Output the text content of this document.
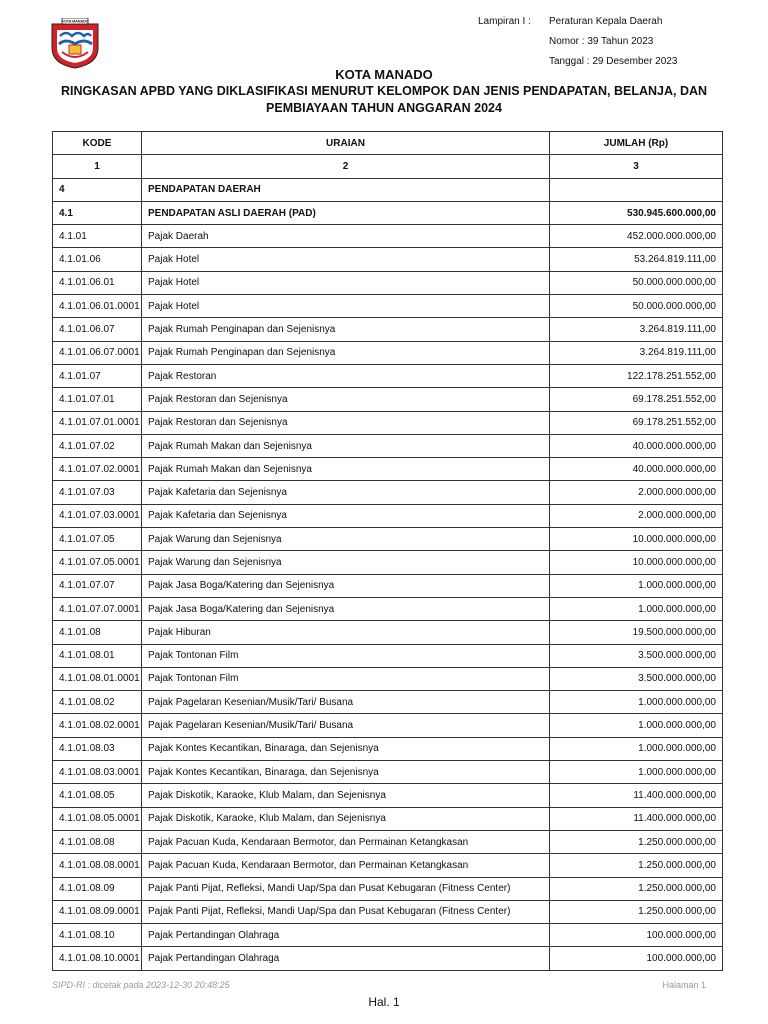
KOTA MANADO	Lampiran I :	Peraturan Kepala Daerah
Nomor : 39 Tahun 2023
Tanggal : 29 Desember 2023
KOTA MANADO
RINGKASAN APBD YANG DIKLASIFIKASI MENURUT KELOMPOK DAN JENIS PENDAPATAN, BELANJA, DAN
PEMBIAYAAN TAHUN ANGGARAN 2024
KODE	URAIAN	JUMLAH (Rp)
1	2	3
4	PENDAPATAN DAERAH	
4.1	PENDAPATAN ASLI DAERAH (PAD)	530.945.600.000,00
4.1.01	Pajak Daerah	452.000.000.000,00
4.1.01.06	Pajak Hotel	53.264.819.111,00
4.1.01.06.01	Pajak Hotel	50.000.000.000,00
4.1.01.06.01.0001	Pajak Hotel	50.000.000.000,00
4.1.01.06.07	Pajak Rumah Penginapan dan Sejenisnya	3.264.819.111,00
4.1.01.06.07.0001	Pajak Rumah Penginapan dan Sejenisnya	3.264.819.111,00
4.1.01.07	Pajak Restoran	122.178.251.552,00
4.1.01.07.01	Pajak Restoran dan Sejenisnya	69.178.251.552,00
4.1.01.07.01.0001	Pajak Restoran dan Sejenisnya	69.178.251.552,00
4.1.01.07.02	Pajak Rumah Makan dan Sejenisnya	40.000.000.000,00
4.1.01.07.02.0001	Pajak Rumah Makan dan Sejenisnya	40.000.000.000,00
4.1.01.07.03	Pajak Kafetaria dan Sejenisnya	2.000.000.000,00
4.1.01.07.03.0001	Pajak Kafetaria dan Sejenisnya	2.000.000.000,00
4.1.01.07.05	Pajak Warung dan Sejenisnya	10.000.000.000,00
4.1.01.07.05.0001	Pajak Warung dan Sejenisnya	10.000.000.000,00
4.1.01.07.07	Pajak Jasa Boga/Katering dan Sejenisnya	1.000.000.000,00
4.1.01.07.07.0001	Pajak Jasa Boga/Katering dan Sejenisnya	1.000.000.000,00
4.1.01.08	Pajak Hiburan	19.500.000.000,00
4.1.01.08.01	Pajak Tontonan Film	3.500.000.000,00
4.1.01.08.01.0001	Pajak Tontonan Film	3.500.000.000,00
4.1.01.08.02	Pajak Pagelaran Kesenian/Musik/Tari/ Busana	1.000.000.000,00
4.1.01.08.02.0001	Pajak Pagelaran Kesenian/Musik/Tari/ Busana	1.000.000.000,00
4.1.01.08.03	Pajak Kontes Kecantikan, Binaraga, dan Sejenisnya	1.000.000.000,00
4.1.01.08.03.0001	Pajak Kontes Kecantikan, Binaraga, dan Sejenisnya	1.000.000.000,00
4.1.01.08.05	Pajak Diskotik, Karaoke, Klub Malam, dan Sejenisnya	11.400.000.000,00
4.1.01.08.05.0001	Pajak Diskotik, Karaoke, Klub Malam, dan Sejenisnya	11.400.000.000,00
4.1.01.08.08	Pajak Pacuan Kuda, Kendaraan Bermotor, dan Permainan Ketangkasan	1.250.000.000,00
4.1.01.08.08.0001	Pajak Pacuan Kuda, Kendaraan Bermotor, dan Permainan Ketangkasan	1.250.000.000,00
4.1.01.08.09	Pajak Panti Pijat, Refleksi, Mandi Uap/Spa dan Pusat Kebugaran (Fitness Center)	1.250.000.000,00
4.1.01.08.09.0001	Pajak Panti Pijat, Refleksi, Mandi Uap/Spa dan Pusat Kebugaran (Fitness Center)	1.250.000.000,00
4.1.01.08.10	Pajak Pertandingan Olahraga	100.000.000,00
4.1.01.08.10.0001	Pajak Pertandingan Olahraga	100.000.000,00
SIPD-RI : dicetak pada 2023-12-30 20:48:25	Halaman 1
Hal. 1
